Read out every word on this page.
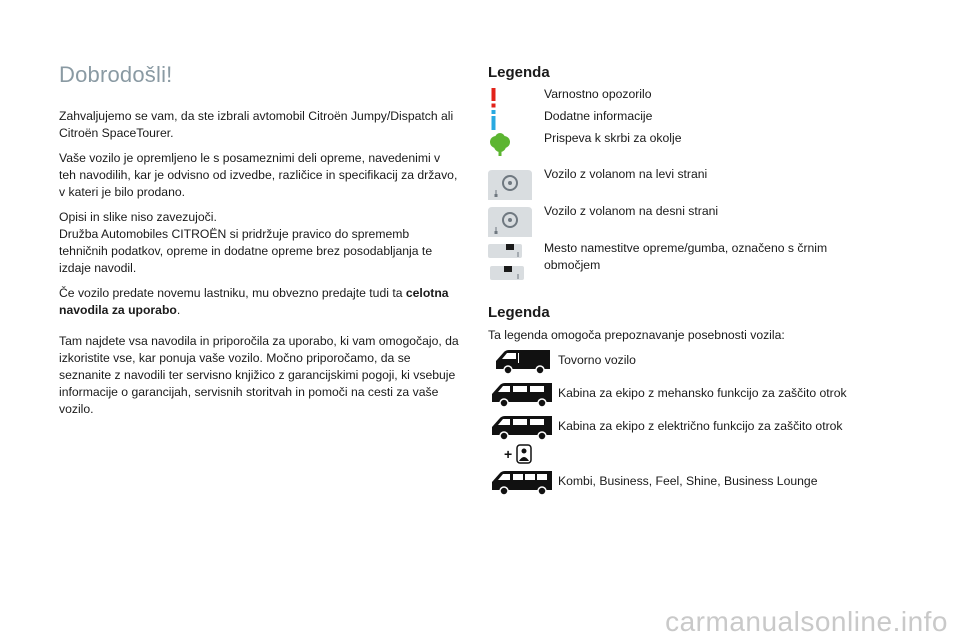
Dobrodošli!

Zahvaljujemo se vam, da ste izbrali avtomobil Citroën Jumpy/Dispatch ali Citroën SpaceTourer.

Vaše vozilo je opremljeno le s posameznimi deli opreme, navedenimi v teh navodilih, kar je odvisno od izvedbe, različice in specifikacij za državo, v kateri je bilo prodano.

Opisi in slike niso zavezujoči.
Družba Automobiles CITROËN si pridržuje pravico do sprememb tehničnih podatkov, opreme in dodatne opreme brez posodabljanja te izdaje navodil.

Če vozilo predate novemu lastniku, mu obvezno predajte tudi ta celotna navodila za uporabo.

Tam najdete vsa navodila in priporočila za uporabo, ki vam omogočajo, da izkoristite vse, kar ponuja vaše vozilo. Močno priporočamo, da se seznanite z navodili ter servisno knjižico z garancijskimi pogoji, ki vsebuje informacije o garancijah, servisnih storitvah in pomoči na cesti za vaše vozilo.

Legenda
Varnostno opozorilo
Dodatne informacije
Prispeva k skrbi za okolje
Vozilo z volanom na levi strani
Vozilo z volanom na desni strani
Mesto namestitve opreme/gumba, označeno s črnim območjem
Legenda
Ta legenda omogoča prepoznavanje posebnosti vozila:
Tovorno vozilo
Kabina za ekipo z mehansko funkcijo za zaščito otrok
+
Kabina za ekipo z električno funkcijo za zaščito otrok
Kombi, Business, Feel, Shine, Business Lounge
carmanualsonline.info
